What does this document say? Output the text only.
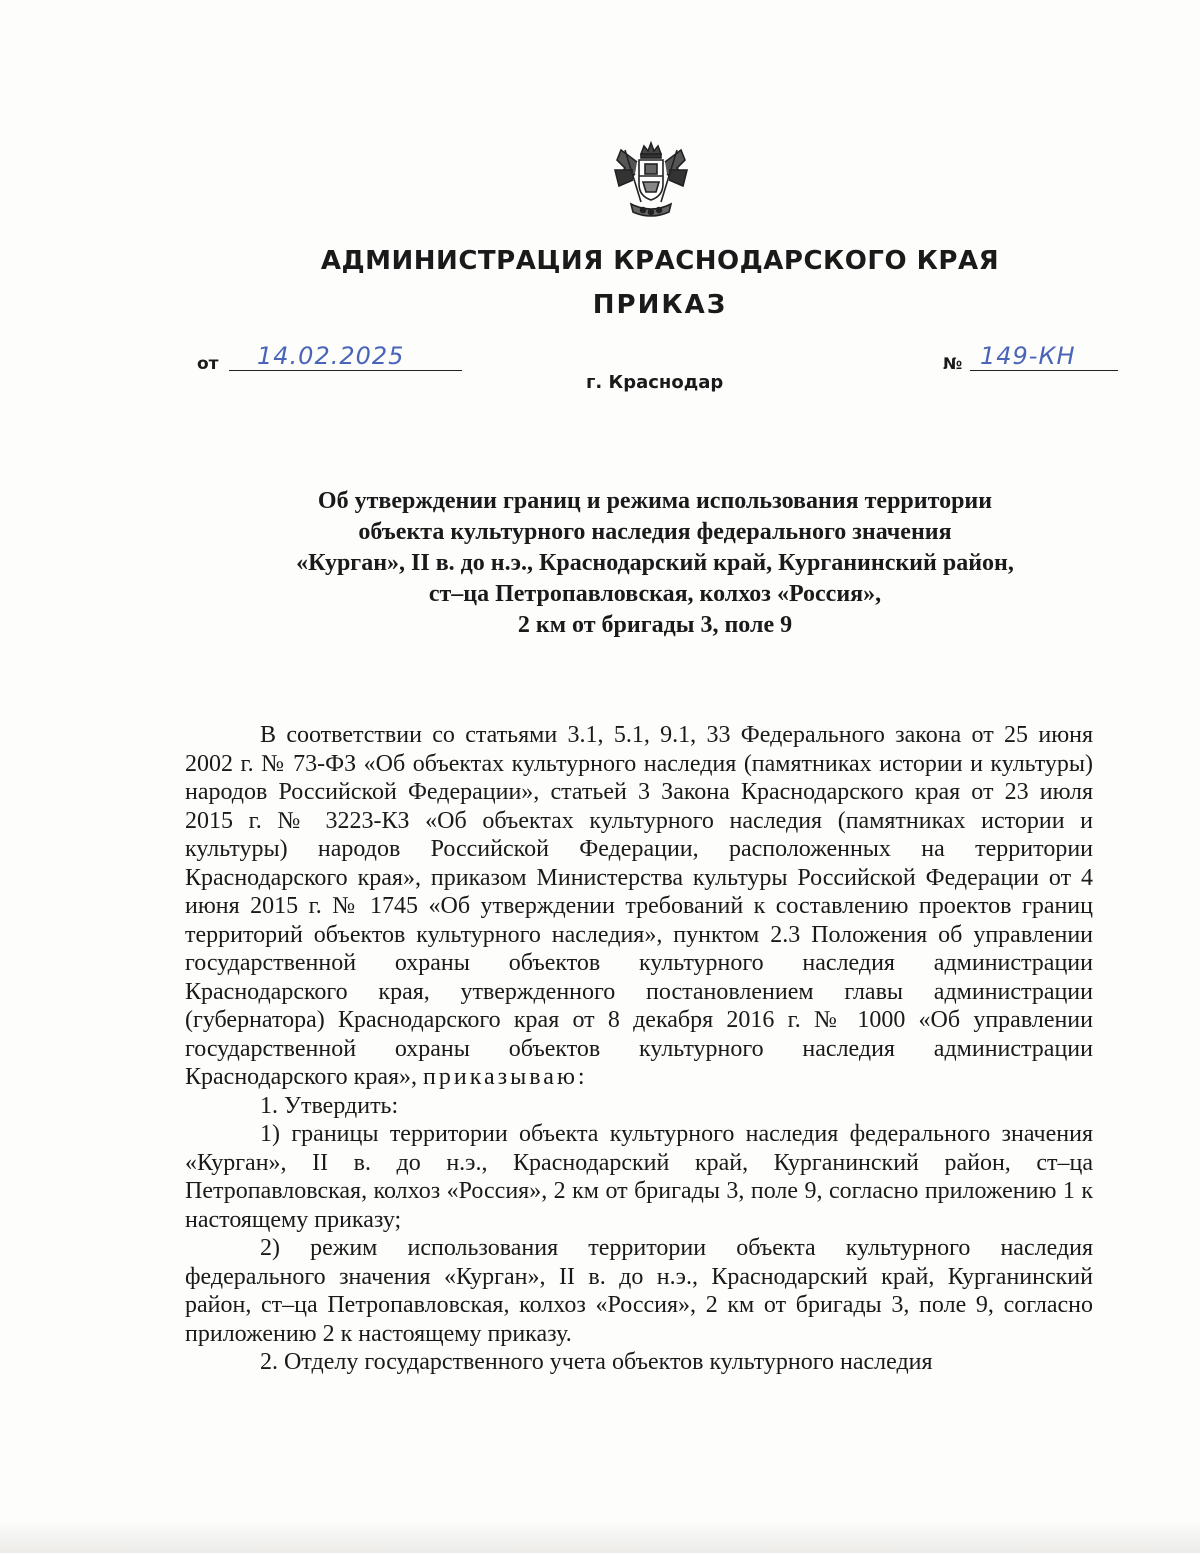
АДМИНИСТРАЦИЯ КРАСНОДАРСКОГО КРАЯ
ПРИКАЗ
от 14.02.2025	№ 149-КН
г. Краснодар
Об утверждении границ и режима использования территории
объекта культурного наследия федерального значения
«Курган», II в. до н.э., Краснодарский край, Курганинский район,
ст–ца Петропавловская, колхоз «Россия»,
2 км от бригады 3, поле 9

В соответствии со статьями 3.1, 5.1, 9.1, 33 Федерального закона от 25 июня 2002 г. № 73-ФЗ «Об объектах культурного наследия (памятниках истории и культуры) народов Российской Федерации», статьей 3 Закона Краснодарского края от 23 июля 2015 г. № 3223-КЗ «Об объектах культурного наследия (памятниках истории и культуры) народов Российской Федерации, расположенных на территории Краснодарского края», приказом Министерства культуры Российской Федерации от 4 июня 2015 г. № 1745 «Об утверждении требований к составлению проектов границ территорий объектов культурного наследия», пунктом 2.3 Положения об управлении государственной охраны объектов культурного наследия администрации Краснодарского края, утвержденного постановлением главы администрации (губернатора) Краснодарского края от 8 декабря 2016 г. № 1000 «Об управлении государственной охраны объектов культурного наследия администрации Краснодарского края», приказываю:

1. Утвердить:

1) границы территории объекта культурного наследия федерального значения «Курган», II в. до н.э., Краснодарский край, Курганинский район, ст–ца Петропавловская, колхоз «Россия», 2 км от бригады 3, поле 9, согласно приложению 1 к настоящему приказу;

2) режим использования территории объекта культурного наследия федерального значения «Курган», II в. до н.э., Краснодарский край, Курганинский район, ст–ца Петропавловская, колхоз «Россия», 2 км от бригады 3, поле 9, согласно приложению 2 к настоящему приказу.

2. Отделу государственного учета объектов культурного наследия
